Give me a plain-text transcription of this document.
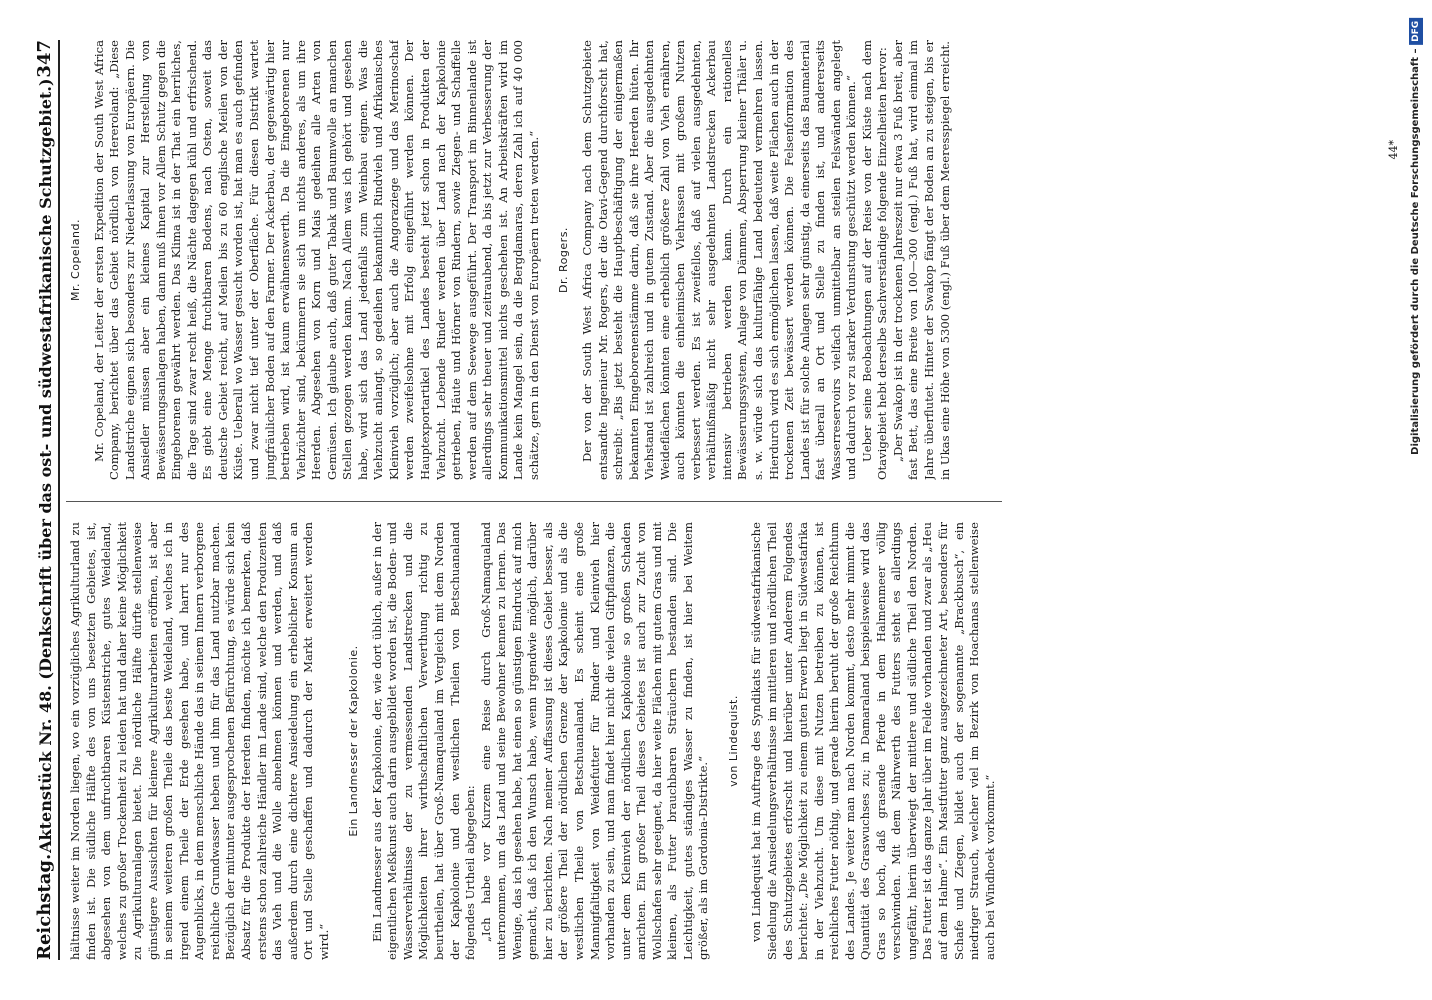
Reichstag.
Aktenstück Nr. 48. (Denkschrift über das ost- und südwestafrikanische Schutzgebiet.)
347

hältnisse weiter im Norden liegen, wo ein vorzügliches Agrikulturland zu finden ist. Die südliche Hälfte des von uns besetzten Gebietes, ist, abgesehen von dem unfruchtbaren Küstenstriche, gutes Weideland, welches zu großer Trockenheit zu leiden hat und daher keine Möglichkeit zu Agrikulturanlagen bietet. Die nördliche Hälfte dürfte stellenweise günstigere Aussichten für kleinere Agrikulturarbeiten eröffnen, ist aber in seinem weiteren großen Theile das beste Weideland, welches ich in irgend einem Theile der Erde gesehen habe, und harrt nur des Augenblicks, in dem menschliche Hände das in seinem Innern verborgene reichliche Grundwasser heben und ihm für das Land nutzbar machen. Bezüglich der mitunter ausgesprochenen Befürchtung, es würde sich kein Absatz für die Produkte der Heerden finden, möchte ich bemerken, daß erstens schon zahlreiche Händler im Lande sind, welche den Produzenten das Vieh und die Wolle abnehmen können und werden, und daß außerdem durch eine dichtere Ansiedelung ein erheblicher Konsum an Ort und Stelle geschaffen und dadurch der Markt erweitert werden wird.“

Ein Landmesser der Kapkolonie. Ein Landmesser aus der Kapkolonie, der, wie dort üblich, außer in der eigentlichen Meßkunst auch darin ausgebildet worden ist, die Boden- und Wasserverhältnisse der zu vermessenden Landstrecken und die Möglichkeiten ihrer wirthschaftlichen Verwerthung richtig zu beurtheilen, hat über Groß-Namaqualand im Vergleich mit dem Norden der Kapkolonie und den westlichen Theilen von Betschuanaland folgendes Urtheil abgegeben: „Ich habe vor Kurzem eine Reise durch Groß-Namaqualand unternommen, um das Land und seine Bewohner kennen zu lernen. Das Wenige, das ich gesehen habe, hat einen so günstigen Eindruck auf mich gemacht, daß ich den Wunsch habe, wenn irgendwie möglich, darüber hier zu berichten. Nach meiner Auffassung ist dieses Gebiet besser, als der größere Theil der nördlichen Grenze der Kapkolonie und als die westlichen Theile von Betschuanaland. Es scheint eine große Mannigfaltigkeit von Weidefutter für Rinder und Kleinvieh hier vorhanden zu sein, und man findet hier nicht die vielen Giftpflanzen, die unter dem Kleinvieh der nördlichen Kapkolonie so großen Schaden anrichten. Ein großer Theil dieses Gebietes ist auch zur Zucht von Wollschafen sehr geeignet, da hier weite Flächen mit gutem Gras und mit kleinen, als Futter brauchbaren Sträuchern bestanden sind. Die Leichtigkeit, gutes ständiges Wasser zu finden, ist hier bei Weitem größer, als im Gordonia-Distrikte.“

von Lindequist. von Lindequist hat im Auftrage des Syndikats für südwestafrikanische Siedelung die Ansiedelungsverhältnisse im mittleren und nördlichen Theil des Schutzgebietes erforscht und hierüber unter Anderem Folgendes berichtet: „Die Möglichkeit zu einem guten Erwerb liegt in Südwestafrika in der Viehzucht. Um diese mit Nutzen betreiben zu können, ist reichliches Futter nöthig, und gerade hierin beruht der große Reichthum des Landes. Je weiter man nach Norden kommt, desto mehr nimmt die Quantität des Graswuchses zu; in Damaraland beispielsweise wird das Gras so hoch, daß grasende Pferde in dem Halmenmeer völlig verschwinden. Mit dem Nährwerth des Futters steht es allerdings ungefähr, hierin überwiegt der mittlere und südliche Theil den Norden. Das Futter ist das ganze Jahr über im Felde vorhanden und zwar als „Heu auf dem Halme“. Ein Mastfutter ganz ausgezeichneter Art, besonders für Schafe und Ziegen, bildet auch der sogenannte „Brackbusch“, ein niedriger Strauch, welcher viel im Bezirk von Hoachanas stellenweise auch bei Windhoek vorkommt.“

Mr. Copeland. Mr. Copeland, der Leiter der ersten Expedition der South West Africa Company, berichtet über das Gebiet nördlich von Hereroland: „Diese Landstriche eignen sich besonders zur Niederlassung von Europäern. Die Ansiedler müssen aber ein kleines Kapital zur Herstellung von Bewässerungsanlagen haben, dann muß ihnen vor Allem Schutz gegen die Eingeborenen gewährt werden. Das Klima ist in der That ein herrliches, die Tage sind zwar recht heiß, die Nächte dagegen kühl und erfrischend. Es giebt eine Menge fruchtbaren Bodens, nach Osten, soweit das deutsche Gebiet reicht, auf Meilen bis zu 60 englische Meilen von der Küste. Ueberall wo Wasser gesucht worden ist, hat man es auch gefunden und zwar nicht tief unter der Oberfläche. Für diesen Distrikt wartet jungfräulicher Boden auf den Farmer. Der Ackerbau, der gegenwärtig hier betrieben wird, ist kaum erwähnenswerth. Da die Eingeborenen nur Viehzüchter sind, bekümmern sie sich um nichts anderes, als um ihre Heerden. Abgesehen von Korn und Mais gedeihen alle Arten von Gemüsen. Ich glaube auch, daß guter Tabak und Baumwolle an manchen Stellen gezogen werden kann. Nach Allem was ich gehört und gesehen habe, wird sich das Land jedenfalls zum Weinbau eignen. Was die Viehzucht anlangt, so gedeihen bekanntlich Rindvieh und Afrikanisches Kleinvieh vorzüglich; aber auch die Angoraziege und das Merinoschaf werden zweifelsohne mit Erfolg eingeführt werden können. Der Hauptexportartikel des Landes besteht jetzt schon in Produkten der Viehzucht. Lebende Rinder werden über Land nach der Kapkolonie getrieben, Häute und Hörner von Rindern, sowie Ziegen- und Schaffelle werden auf dem Seewege ausgeführt. Der Transport im Binnenlande ist allerdings sehr theuer und zeitraubend, da bis jetzt zur Verbesserung der Kommunikationsmittel nichts geschehen ist. An Arbeitskräften wird im Lande kein Mangel sein, da die Bergdamaras, deren Zahl ich auf 40 000 schätze, gern in den Dienst von Europäern treten werden.“ Dr. Rogers. Der von der South West Africa Company nach dem Schutzgebiete entsandte Ingenieur Mr. Rogers, der die Otavi-Gegend durchforscht hat, schreibt: „Bis jetzt besteht die Hauptbeschäftigung der einigermaßen bekannten Eingeborenenstämme darin, daß sie ihre Heerden hüten. Ihr Viehstand ist zahlreich und in gutem Zustand. Aber die ausgedehnten Weideflächen könnten eine erheblich größere Zahl von Vieh ernähren, auch könnten die einheimischen Viehrassen mit großem Nutzen verbessert werden. Es ist zweifellos, daß auf vielen ausgedehnten, verhältnißmäßig nicht sehr ausgedehnten Landstrecken Ackerbau intensiv betrieben werden kann. Durch ein rationelles Bewässerungssystem, Anlage von Dämmen, Absperrung kleiner Thäler u. s. w. würde sich das kulturfähige Land bedeutend vermehren lassen. Hierdurch wird es sich ermöglichen lassen, daß weite Flächen auch in der trockenen Zeit bewässert werden können. Die Felsenformation des Landes ist für solche Anlagen sehr günstig, da einerseits das Baumaterial fast überall an Ort und Stelle zu finden ist, und andererseits Wasserreservoirs vielfach unmittelbar an steilen Felswänden angelegt und dadurch vor zu starker Verdunstung geschützt werden können.“ Ueber seine Beobachtungen auf der Reise von der Küste nach dem Otavigebiet hebt derselbe Sachverständige folgende Einzelheiten hervor: „Der Swakop ist in der trockenen Jahreszeit nur etwa 3 Fuß breit, aber fast Bett, das eine Breite von 100—300 (engl.) Fuß hat, wird einmal im Jahre überflutet. Hinter der Swakop fängt der Boden an zu steigen, bis er in Ukas eine Höhe von 5300 (engl.) Fuß über dem Meeresspiegel erreicht.	44* Digitalisierung gefördert durch die Deutsche Forschungsgemeinschaft – DFG
